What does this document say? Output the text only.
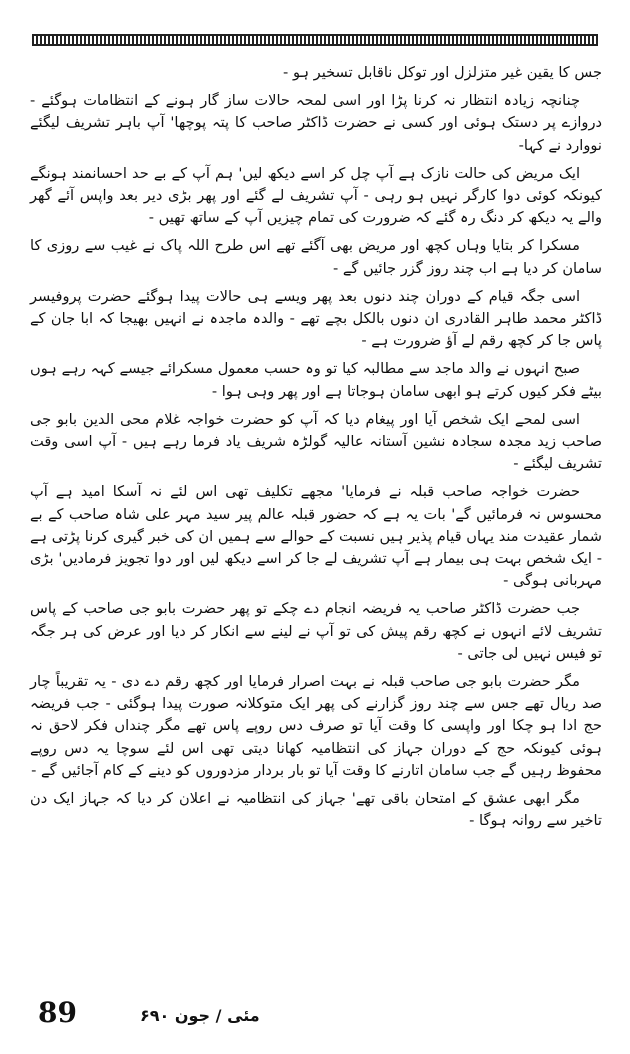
جس کا یقین غیر متزلزل اور توکل ناقابل تسخیر ہو -

چنانچہ زیادہ انتظار نہ کرنا پڑا اور اسی لمحہ حالات ساز گار ہونے کے انتظامات ہوگئے - دروازے پر دستک ہوئی اور کسی نے حضرت ڈاکٹر صاحب کا پتہ پوچھا' آپ باہر تشریف لیگئے نووارد نے کہا-

ایک مریض کی حالت نازک ہے آپ چل کر اسے دیکھ لیں' ہم آپ کے بے حد احسانمند ہونگے کیونکہ کوئی دوا کارگر نہیں ہو رہی - آپ تشریف لے گئے اور پھر بڑی دیر بعد واپس آئے گھر والے یہ دیکھ کر دنگ رہ گئے کہ ضرورت کی تمام چیزیں آپ کے ساتھ تھیں -

مسکرا کر بتایا وہاں کچھ اور مریض بھی آگئے تھے اس طرح اللہ پاک نے غیب سے روزی کا سامان کر دیا ہے اب چند روز گزر جائیں گے -

اسی جگہ قیام کے دوران چند دنوں بعد پھر ویسے ہی حالات پیدا ہوگئے حضرت پروفیسر ڈاکٹر محمد طاہر القادری ان دنوں بالکل بچے تھے - والدہ ماجدہ نے انہیں بھیجا کہ ابا جان کے پاس جا کر کچھ رقم لے آؤ ضرورت ہے -

صبح انہوں نے والد ماجد سے مطالبہ کیا تو وہ حسب معمول مسکرائے جیسے کہہ رہے ہوں بیٹے فکر کیوں کرتے ہو ابھی سامان ہوجاتا ہے اور پھر وہی ہوا -

اسی لمحے ایک شخص آیا اور پیغام دیا کہ آپ کو حضرت خواجہ غلام محی الدین بابو جی صاحب زید مجدہ سجادہ نشین آستانہ عالیہ گولڑہ شریف یاد فرما رہے ہیں - آپ اسی وقت تشریف لیگئے -

حضرت خواجہ صاحب قبلہ نے فرمایا' مجھے تکلیف تھی اس لئے نہ آسکا امید ہے آپ محسوس نہ فرمائیں گے' بات یہ ہے کہ حضور قبلہ عالم پیر سید مہر علی شاہ صاحب کے بے شمار عقیدت مند یہاں قیام پذیر ہیں نسبت کے حوالے سے ہمیں ان کی خبر گیری کرنا پڑتی ہے - ایک شخص بہت ہی بیمار ہے آپ تشریف لے جا کر اسے دیکھ لیں اور دوا تجویز فرمادیں' بڑی مہربانی ہوگی -

جب حضرت ڈاکٹر صاحب یہ فریضہ انجام دے چکے تو پھر حضرت بابو جی صاحب کے پاس تشریف لائے انہوں نے کچھ رقم پیش کی تو آپ نے لینے سے انکار کر دیا اور عرض کی ہر جگہ تو فیس نہیں لی جاتی -

مگر حضرت بابو جی صاحب قبلہ نے بہت اصرار فرمایا اور کچھ رقم دے دی - یہ تقریباً چار صد ریال تھے جس سے چند روز گزارنے کی پھر ایک متوکلانہ صورت پیدا ہوگئی - جب فریضہ حج ادا ہو چکا اور واپسی کا وقت آیا تو صرف دس روپے پاس تھے مگر چنداں فکر لاحق نہ ہوئی کیونکہ حج کے دوران جہاز کی انتظامیہ کھانا دیتی تھی اس لئے سوچا یہ دس روپے محفوظ رہیں گے جب سامان اتارنے کا وقت آیا تو بار بردار مزدوروں کو دینے کے کام آجائیں گے -

مگر ابھی عشق کے امتحان باقی تھے' جہاز کی انتظامیہ نے اعلان کر دیا کہ جہاز ایک دن تاخیر سے روانہ ہوگا -

89	مئی / جون ۶۹۰
